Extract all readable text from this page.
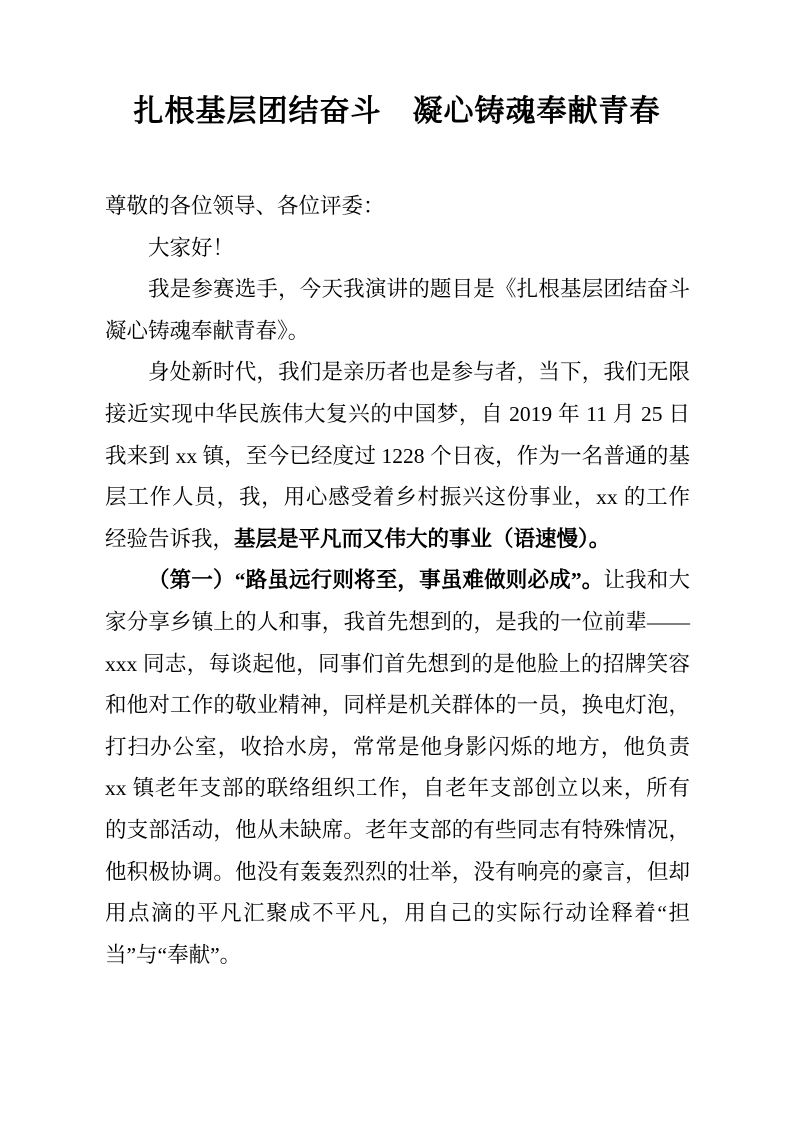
扎根基层团结奋斗　凝心铸魂奉献青春

尊敬的各位领导、各位评委：

大家好！

我是参赛选手，今天我演讲的题目是《扎根基层团结奋斗 凝心铸魂奉献青春》。

身处新时代，我们是亲历者也是参与者，当下，我们无限接近实现中华民族伟大复兴的中国梦，自 2019 年 11 月 25 日我来到 xx 镇，至今已经度过 1228 个日夜，作为一名普通的基层工作人员，我，用心感受着乡村振兴这份事业，xx 的工作经验告诉我，基层是平凡而又伟大的事业（语速慢）。

（第一）“路虽远行则将至，事虽难做则必成”。让我和大家分享乡镇上的人和事，我首先想到的，是我的一位前辈——xxx 同志，每谈起他，同事们首先想到的是他脸上的招牌笑容和他对工作的敬业精神，同样是机关群体的一员，换电灯泡，打扫办公室，收拾水房，常常是他身影闪烁的地方，他负责 xx 镇老年支部的联络组织工作，自老年支部创立以来，所有的支部活动，他从未缺席。老年支部的有些同志有特殊情况，他积极协调。他没有轰轰烈烈的壮举，没有响亮的豪言，但却用点滴的平凡汇聚成不平凡，用自己的实际行动诠释着“担当”与“奉献”。
